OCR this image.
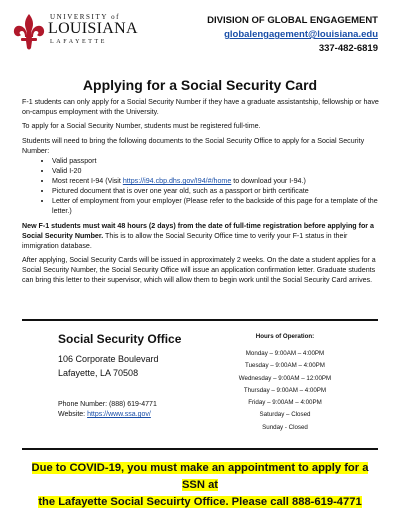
UNIVERSITY of
LOUISIANA
LAFAYETTE
DIVISION OF GLOBAL ENGAGEMENT
globalengagement@louisiana.edu
337-482-6819
Applying for a Social Security Card

F-1 students can only apply for a Social Security Number if they have a graduate assistantship, fellowship or have on-campus employment with the University.

To apply for a Social Security Number, students must be registered full-time.

Students will need to bring the following documents to the Social Security Office to apply for a Social Security Number:

• Valid passport
• Valid I-20
• Most recent I-94 (Visit https://i94.cbp.dhs.gov/I94/#/home to download your I-94.)
• Pictured document that is over one year old, such as a passport or birth certificate
• Letter of employment from your employer (Please refer to the backside of this page for a template of the letter.)

New F-1 students must wait 48 hours (2 days) from the date of full-time registration before applying for a Social Security Number. This is to allow the Social Security Office time to verify your F-1 status in their immigration database.

After applying, Social Security Cards will be issued in approximately 2 weeks. On the date a student applies for a Social Security Number, the Social Security Office will issue an application confirmation letter. Graduate students can bring this letter to their supervisor, which will allow them to begin work until the Social Security Card arrives.

Social Security Office
106 Corporate Boulevard
Lafayette, LA 70508
Phone Number: (888) 619-4771
Website: https://www.ssa.gov/
Hours of Operation:
Monday – 9:00AM – 4:00PM
Tuesday – 9:00AM – 4:00PM
Wednesday – 9:00AM – 12:00PM
Thursday – 9:00AM – 4:00PM
Friday – 9:00AM – 4:00PM
Saturday – Closed
Sunday - Closed
Due to COVID-19, you must make an appointment to apply for a SSN at
the Lafayette Social Secuirty Office. Please call 888-619-4771
